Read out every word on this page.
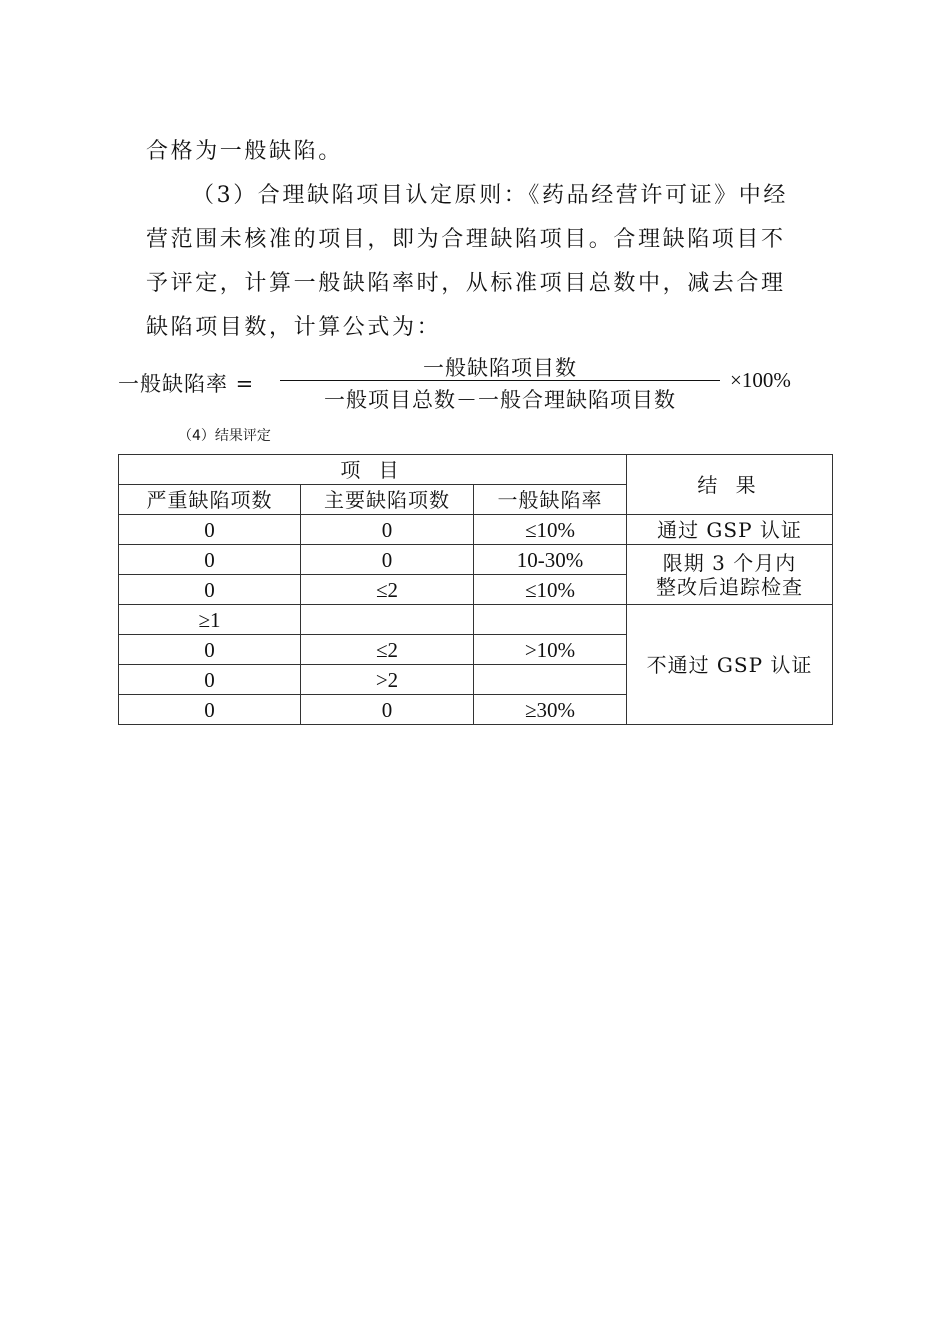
合格为一般缺陷。

（3）合理缺陷项目认定原则：《药品经营许可证》中经营范围未核准的项目，即为合理缺陷项目。合理缺陷项目不予评定，计算一般缺陷率时，从标准项目总数中，减去合理缺陷项目数，计算公式为：

一般缺陷率 =
一般缺陷项目数
一般项目总数－一般合理缺陷项目数
×100%
（4）结果评定
项 目			结 果
严重缺陷项数	主要缺陷项数	一般缺陷率	
0	0	≤10%	通过 GSP 认证
0	0	10-30%	限期 3 个月内
整改后追踪检查

0	≤2	≤10%	
≥1			不通过 GSP 认证
0	≤2	>10%	
0	>2		
0	0	≥30%	
